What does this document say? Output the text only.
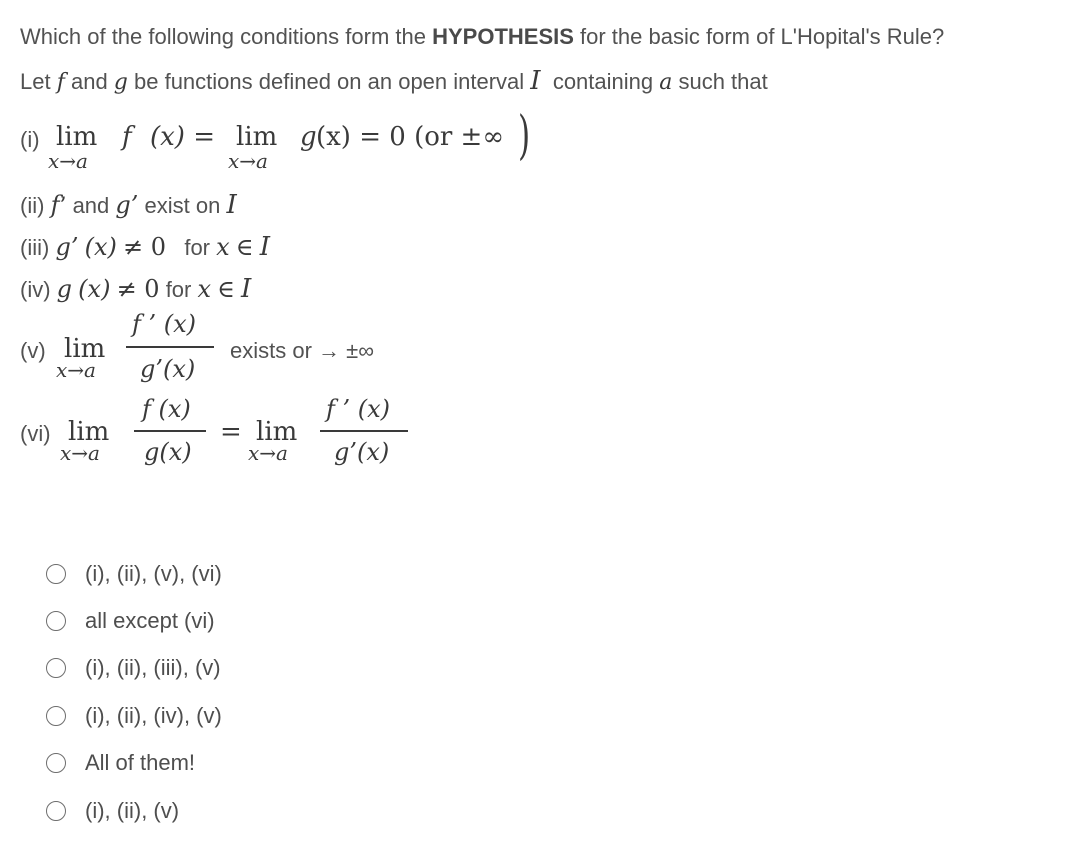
Which of the following conditions form the HYPOTHESIS for the basic form of L'Hopital's Rule?
Let f and g be functions defined on an open interval I containing a such that
(i) lim
x→a
f (x) = lim
x→a
g (x) = 0 (or ±∞ )
(ii) f’ and g’ exist on I
(iii) g’ (x) ≠ 0 for x ∈ I
(iv) g (x) ≠ 0 for x ∈ I
(v) lim
x→a
f ’ (x)
g’(x)
exists or → ±∞
(vi) lim
x→a
f (x)
g(x)
= lim
x→a
f ’ (x)
g’(x)
(i), (ii), (v), (vi)
all except (vi)
(i), (ii), (iii), (v)
(i), (ii), (iv), (v)
All of them!
(i), (ii), (v)
